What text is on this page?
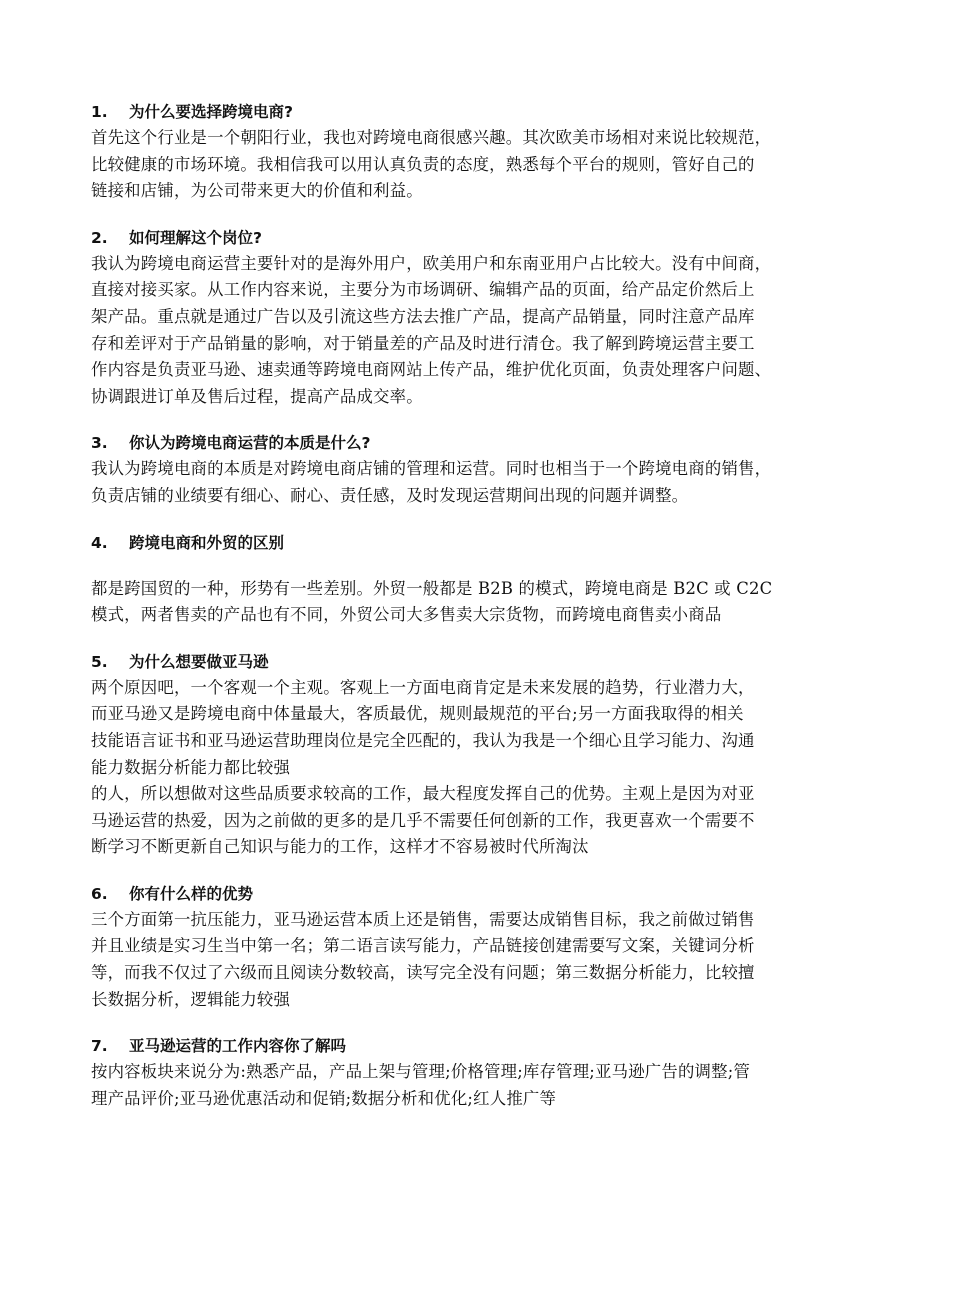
1. 为什么要选择跨境电商?
首先这个行业是一个朝阳行业，我也对跨境电商很感兴趣。其次欧美市场相对来说比较规范，
比较健康的市场环境。我相信我可以用认真负责的态度，熟悉每个平台的规则，管好自己的
链接和店铺，为公司带来更大的价值和利益。
2. 如何理解这个岗位?
我认为跨境电商运营主要针对的是海外用户，欧美用户和东南亚用户占比较大。没有中间商，
直接对接买家。从工作内容来说，主要分为市场调研、编辑产品的页面，给产品定价然后上
架产品。重点就是通过广告以及引流这些方法去推广产品，提高产品销量，同时注意产品库
存和差评对于产品销量的影响，对于销量差的产品及时进行清仓。我了解到跨境运营主要工
作内容是负责亚马逊、速卖通等跨境电商网站上传产品，维护优化页面，负责处理客户问题、
协调跟进订单及售后过程，提高产品成交率。
3. 你认为跨境电商运营的本质是什么?
我认为跨境电商的本质是对跨境电商店铺的管理和运营。同时也相当于一个跨境电商的销售，
负责店铺的业绩要有细心、耐心、责任感，及时发现运营期间出现的问题并调整。
4. 跨境电商和外贸的区别
都是跨国贸的一种，形势有一些差别。外贸一般都是 B2B 的模式，跨境电商是 B2C 或 C2C
模式，两者售卖的产品也有不同，外贸公司大多售卖大宗货物，而跨境电商售卖小商品
5. 为什么想要做亚马逊
两个原因吧，一个客观一个主观。客观上一方面电商肯定是未来发展的趋势，行业潜力大，
而亚马逊又是跨境电商中体量最大，客质最优，规则最规范的平台;另一方面我取得的相关
技能语言证书和亚马逊运营助理岗位是完全匹配的，我认为我是一个细心且学习能力、沟通
能力数据分析能力都比较强
的人，所以想做对这些品质要求较高的工作，最大程度发挥自己的优势。主观上是因为对亚
马逊运营的热爱，因为之前做的更多的是几乎不需要任何创新的工作，我更喜欢一个需要不
断学习不断更新自己知识与能力的工作，这样才不容易被时代所淘汰
6. 你有什么样的优势
三个方面第一抗压能力，亚马逊运营本质上还是销售，需要达成销售目标，我之前做过销售
并且业绩是实习生当中第一名；第二语言读写能力，产品链接创建需要写文案，关键词分析
等，而我不仅过了六级而且阅读分数较高，读写完全没有问题；第三数据分析能力，比较擅
长数据分析，逻辑能力较强
7. 亚马逊运营的工作内容你了解吗
按内容板块来说分为:熟悉产品，产品上架与管理;价格管理;库存管理;亚马逊广告的调整;管
理产品评价;亚马逊优惠活动和促销;数据分析和优化;红人推广等
